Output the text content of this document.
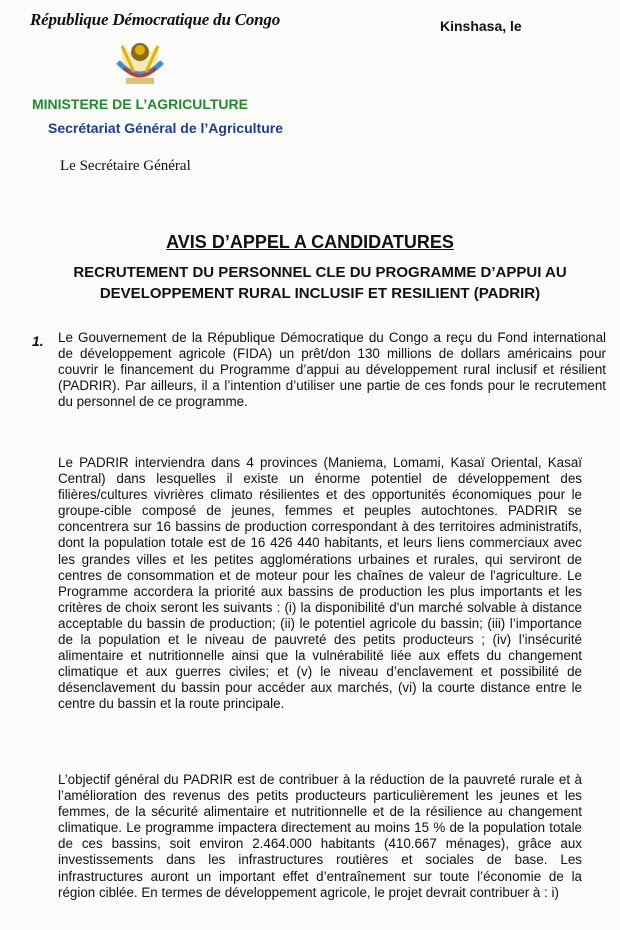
République Démocratique du Congo	Kinshasa, le
MINISTERE DE L’AGRICULTURE
Secrétariat Général de l’Agriculture
Le Secrétaire Général
AVIS D’APPEL A CANDIDATURES
RECRUTEMENT DU PERSONNEL CLE DU PROGRAMME D’APPUI AU DEVELOPPEMENT RURAL INCLUSIF ET RESILIENT (PADRIR)
1. Le Gouvernement de la République Démocratique du Congo a reçu du Fond international de développement agricole (FIDA) un prêt/don 130 millions de dollars américains pour couvrir le financement du Programme d’appui au développement rural inclusif et résilient (PADRIR). Par ailleurs, il a l’intention d’utiliser une partie de ces fonds pour le recrutement du personnel de ce programme.
Le PADRIR interviendra dans 4 provinces (Maniema, Lomami, Kasaï Oriental, Kasaï Central) dans lesquelles il existe un énorme potentiel de développement des filières/cultures vivrières climato résilientes et des opportunités économiques pour le groupe-cible composé de jeunes, femmes et peuples autochtones. PADRIR se concentrera sur 16 bassins de production correspondant à des territoires administratifs, dont la population totale est de 16 426 440 habitants, et leurs liens commerciaux avec les grandes villes et les petites agglomérations urbaines et rurales, qui serviront de centres de consommation et de moteur pour les chaînes de valeur de l'agriculture. Le Programme accordera la priorité aux bassins de production les plus importants et les critères de choix seront les suivants : (i) la disponibilité d'un marché solvable à distance acceptable du bassin de production; (ii) le potentiel agricole du bassin; (iii) l’importance de la population et le niveau de pauvreté des petits producteurs ; (iv) l’insécurité alimentaire et nutritionnelle ainsi que la vulnérabilité liée aux effets du changement climatique et aux guerres civiles; et (v) le niveau d’enclavement et possibilité de désenclavement du bassin pour accéder aux marchés, (vi) la courte distance entre le centre du bassin et la route principale.
L’objectif général du PADRIR est de contribuer à la réduction de la pauvreté rurale et à l’amélioration des revenus des petits producteurs particulièrement les jeunes et les femmes, de la sécurité alimentaire et nutritionnelle et de la résilience au changement climatique. Le programme impactera directement au moins 15 % de la population totale de ces bassins, soit environ 2.464.000 habitants (410.667 ménages), grâce aux investissements dans les infrastructures routières et sociales de base. Les infrastructures auront un important effet d’entraînement sur toute l’économie de la région ciblée. En termes de développement agricole, le projet devrait contribuer à : i)
